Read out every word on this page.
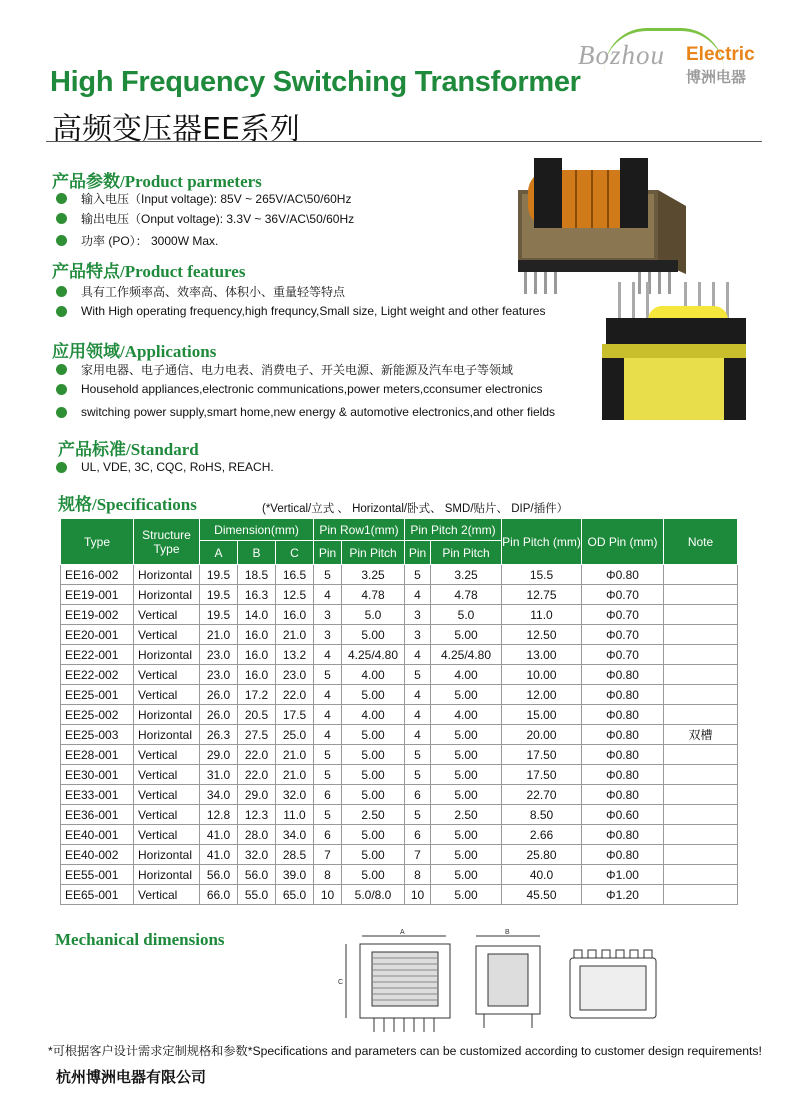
Bozhou Electric
博洲电器
High Frequency Switching Transformer
高频变压器EE系列
产品参数/Product parmeters
输入电压（Input voltage): 85V ~ 265V/AC\50/60Hz
输出电压（Onput voltage): 3.3V ~ 36V/AC\50/60Hz
功率 (PO）： 3000W Max.
产品特点/Product features
具有工作频率高、效率高、体积小、重量轻等特点
With High operating frequency,high frequncy,Small size, Light weight and other features
应用领域/Applications
家用电器、电子通信、电力电表、消费电子、开关电源、新能源及汽车电子等领域
Household appliances,electronic communications,power meters,cconsumer electronics
switching power supply,smart home,new energy & automotive electronics,and other fields
产品标准/Standard
UL, VDE, 3C, CQC, RoHS, REACH.
规格/Specifications	(*Vertical/立式 、 Horizontal/卧式、 SMD/贴片、 DIP/插件）
Type	Structure Type	Dimension(mm)			Pin Row1(mm)		Pin Pitch 2(mm)		Pin Pitch (mm)	OD Pin (mm)	Note
		A	B	C	Pin	Pin Pitch	Pin	Pin Pitch			
EE16-002	Horizontal	19.5	18.5	16.5	5	3.25	5	3.25	15.5	Φ0.80	
EE19-001	Horizontal	19.5	16.3	12.5	4	4.78	4	4.78	12.75	Φ0.70	
EE19-002	Vertical	19.5	14.0	16.0	3	5.0	3	5.0	11.0	Φ0.70	
EE20-001	Vertical	21.0	16.0	21.0	3	5.00	3	5.00	12.50	Φ0.70	
EE22-001	Horizontal	23.0	16.0	13.2	4	4.25/4.80	4	4.25/4.80	13.00	Φ0.70	
EE22-002	Vertical	23.0	16.0	23.0	5	4.00	5	4.00	10.00	Φ0.80	
EE25-001	Vertical	26.0	17.2	22.0	4	5.00	4	5.00	12.00	Φ0.80	
EE25-002	Horizontal	26.0	20.5	17.5	4	4.00	4	4.00	15.00	Φ0.80	
EE25-003	Horizontal	26.3	27.5	25.0	4	5.00	4	5.00	20.00	Φ0.80	双槽
EE28-001	Vertical	29.0	22.0	21.0	5	5.00	5	5.00	17.50	Φ0.80	
EE30-001	Vertical	31.0	22.0	21.0	5	5.00	5	5.00	17.50	Φ0.80	
EE33-001	Vertical	34.0	29.0	32.0	6	5.00	6	5.00	22.70	Φ0.80	
EE36-001	Vertical	12.8	12.3	11.0	5	2.50	5	2.50	8.50	Φ0.60	
EE40-001	Vertical	41.0	28.0	34.0	6	5.00	6	5.00	2.66	Φ0.80	
EE40-002	Horizontal	41.0	32.0	28.5	7	5.00	7	5.00	25.80	Φ0.80	
EE55-001	Horizontal	56.0	56.0	39.0	8	5.00	8	5.00	40.0	Φ1.00	
EE65-001	Vertical	66.0	55.0	65.0	10	5.0/8.0	10	5.00	45.50	Φ1.20	
Mechanical dimensions	A	B
C
*可根据客户设计需求定制规格和参数*Specifications and parameters can be customized according to customer design requirements!
杭州博洲电器有限公司
